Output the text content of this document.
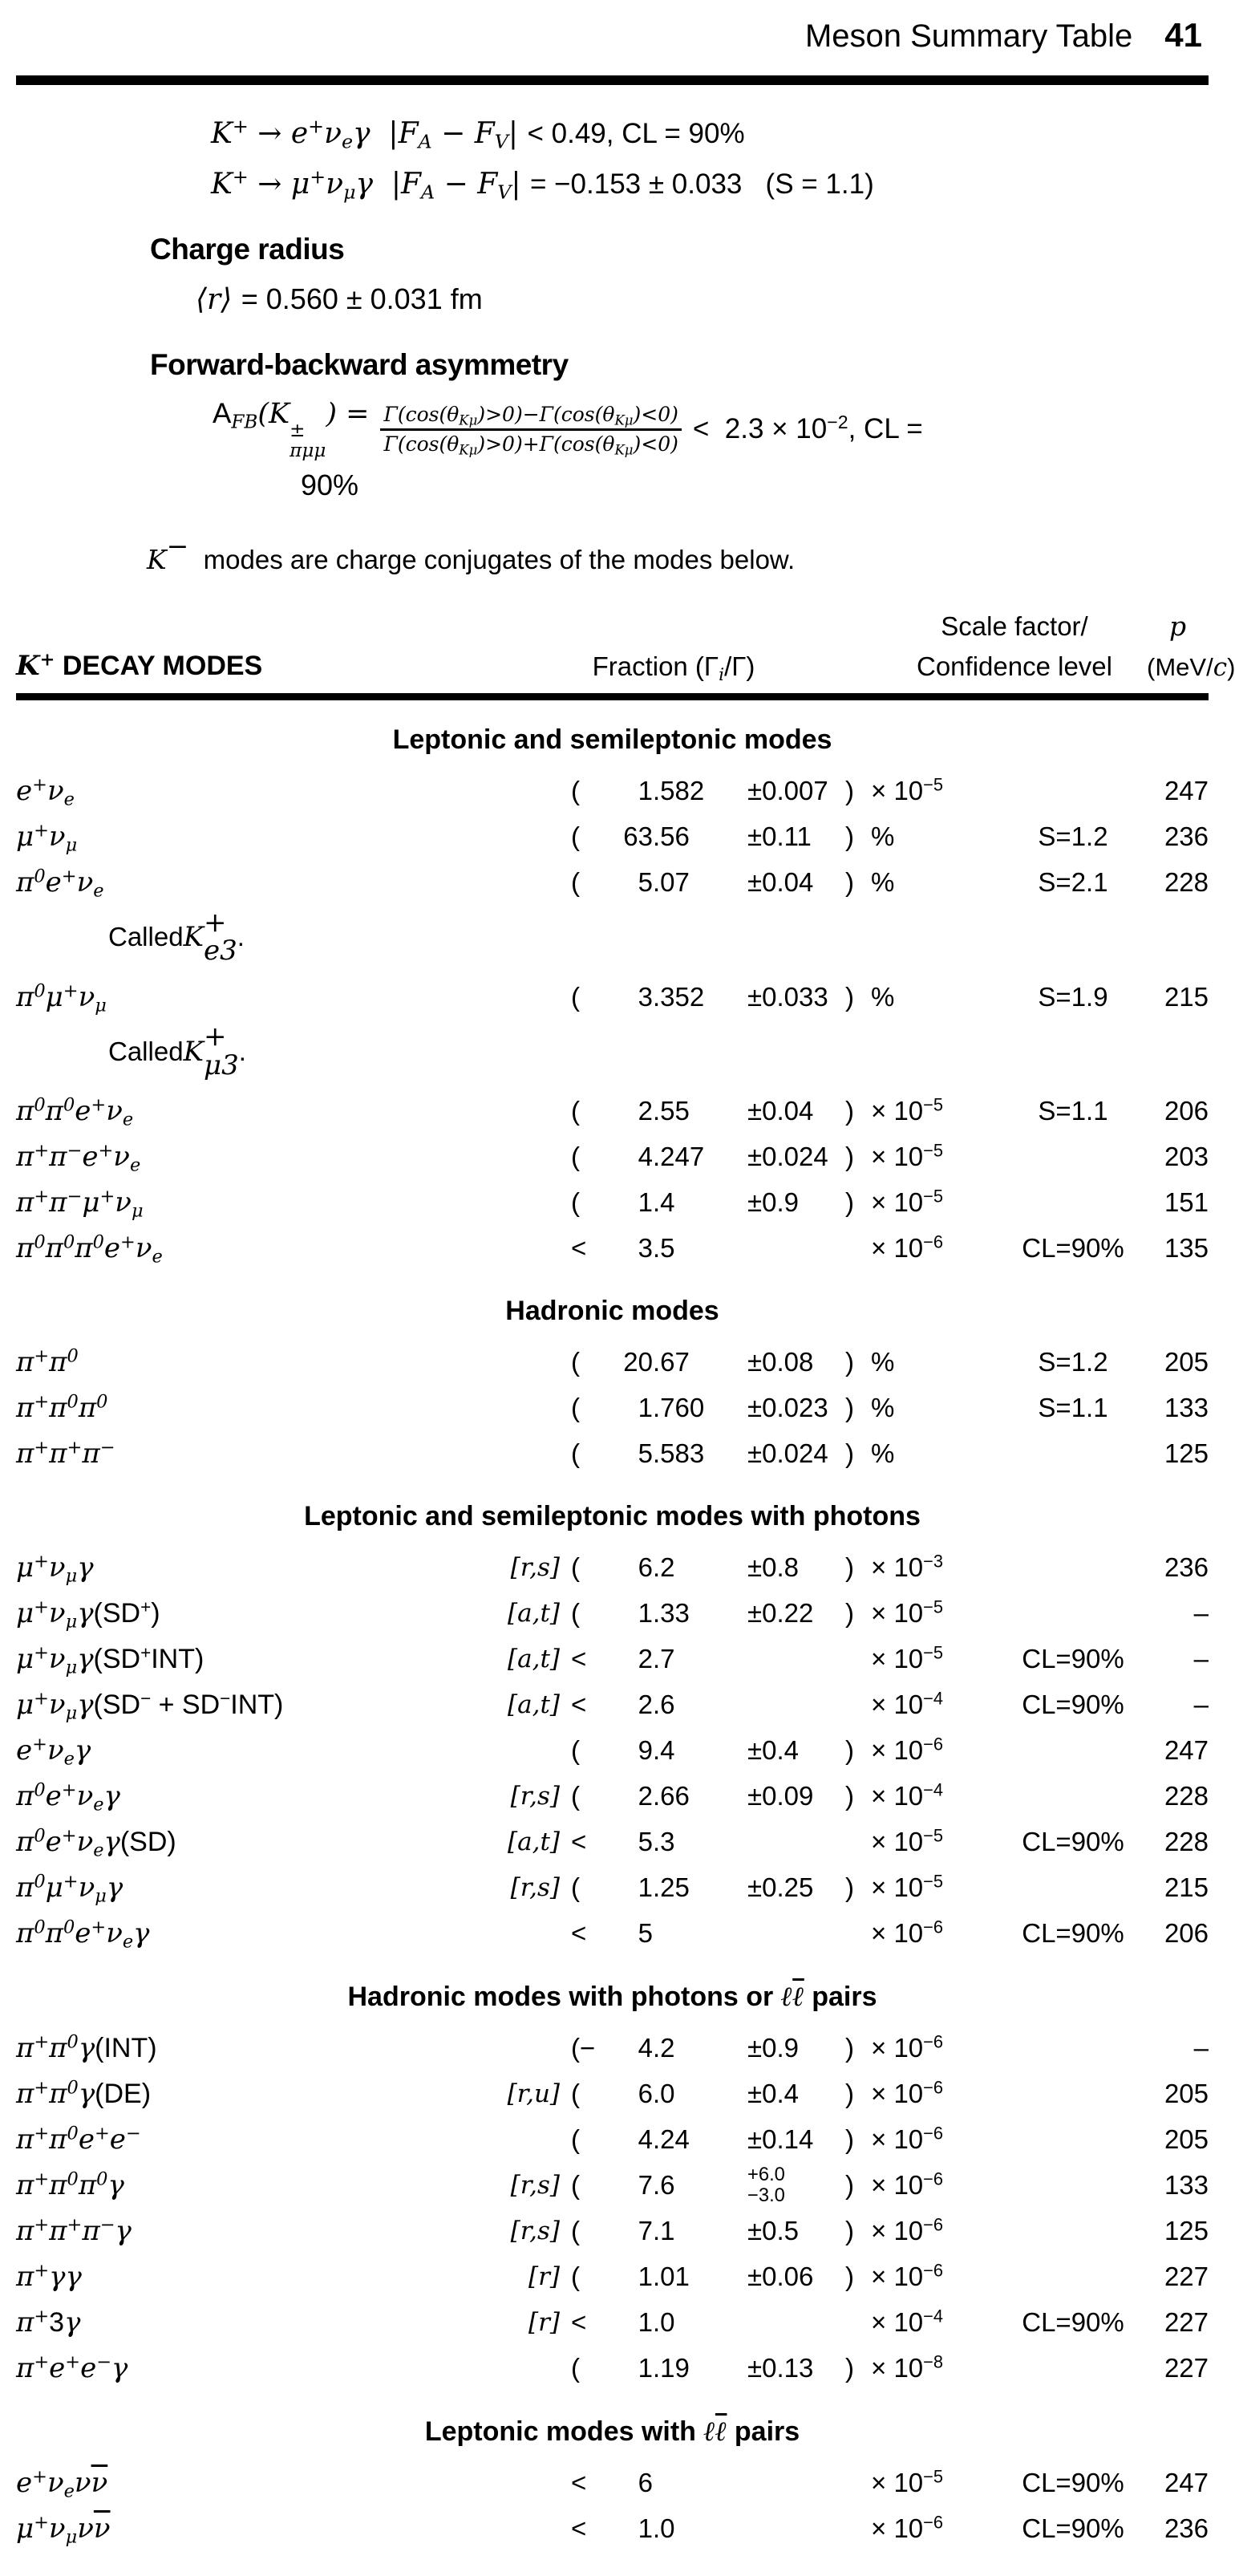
Meson Summary Table 41
$K^+ \to e^+\nu_e\gamma$  $|F_A - F_V| < 0.49$, CL = 90%
$K^+ \to \mu^+\nu_\mu\gamma$  $|F_A - F_V| = -0.153 \pm 0.033$   (S = 1.1)
Charge radius
⟨r⟩ = 0.560 ± 0.031 fm
Forward-backward asymmetry
$A_{FB}(K$
±
πμμ
) = $\frac{\Gamma(\cos(\theta_{K\mu})>0)-\Gamma(\cos(\theta_{K\mu})<0)}{\Gamma(\cos(\theta_{K\mu})>0)+\Gamma(\cos(\theta_{K\mu})<0)} < 2.3 \times 10^{-2}$, CL =
90%
K−  modes are charge conjugates of the modes below.
Scale factor/	p
K+ DECAY MODES	Fraction $(\Gamma_i/\Gamma)$	Confidence level	(MeV/c)
Leptonic and semileptonic modes
$e^+\nu_e$	(	1 .582	±0.007 ) × $10^{-5}$	247
$\mu^+\nu_\mu$	(	63 .56	±0.11	) %	S=1.2	236
$\pi^0e^+\nu_e$	(	5 .07	±0.04	) %	S=2.1	228
Called K +
e3 .
$\pi^0\mu^+\nu_\mu$	(	3 .352	±0.033 ) %	S=1.9	215
Called K +
μ3 .
$\pi^0\pi^0e^+\nu_e$	(	2 .55	±0.04	) × $10^{-5}$	S=1.1	206
$\pi^+\pi^-e^+\nu_e$	(	4 .247	±0.024 ) × $10^{-5}$	203
$\pi^+\pi^-\mu^+\nu_\mu$	(	1 .4	±0.9	) × $10^{-5}$	151
$\pi^0\pi^0\pi^0e^+\nu_e$	<	3 .5	× $10^{-6}$	CL=90%	135
Hadronic modes
$\pi^+\pi^0$	(	20 .67	±0.08	) %	S=1.2	205
$\pi^+\pi^0\pi^0$	(	1 .760	±0.023 ) %	S=1.1	133
π+π+π−	(	5 .583	±0.024 ) %	125
Leptonic and semileptonic modes with photons
$\mu^+\nu_\mu\gamma$	[r,s] (	6 .2	±0.8	) × $10^{-3}$	236
$\mu^+\nu_\mu\gamma(SD^+)$	[a,t] (	1 .33	±0.22	) × $10^{-5}$	–
$\mu^+\nu_\mu\gamma(SD^+INT)$	[a,t] <	2 .7	× $10^{-5}$	CL=90%	–
$\mu^+\nu_\mu\gamma(SD^- + SD^-INT)$	[a,t] <	2 .6	× $10^{-4}$	CL=90%	–
$e^+\nu_e\gamma$	(	9 .4	±0.4	) × $10^{-6}$	247
$\pi^0e^+\nu_e\gamma$	[r,s] (	2 .66	±0.09	) × $10^{-4}$	228
$\pi^0e^+\nu_e\gamma(SD)$	[a,t] <	5 .3	× $10^{-5}$	CL=90%	228
$\pi^0\mu^+\nu_\mu\gamma$	[r,s] (	1 .25	±0.25	) × $10^{-5}$	215
$\pi^0\pi^0e^+\nu_e\gamma$	<	5	× $10^{-6}$	CL=90%	206
Hadronic modes with photons or ℓℓ pairs
$\pi^+\pi^0\gamma(INT)$	(−	4 .2	±0.9	) × $10^{-6}$	–
$\pi^+\pi^0\gamma(DE)$	[r,u] (	6 .0	±0.4	) × $10^{-6}$	205
$\pi^+\pi^0e^+e^-$	(	4 .24	±0.14	) × $10^{-6}$	205
$\pi^+\pi^0\pi^0\gamma$	[r,s] (	7 .6	+6.0
−3.0 ) × $10^{-6}$	133
π+π+π−γ	[r,s] (	7 .1	±0.5	) × $10^{-6}$	125
π+γγ	[r] (	1 .01	±0.06	) × $10^{-6}$	227
π+3γ	[r] <	1 .0	× $10^{-4}$	CL=90%	227
π+e+e−γ	(	1 .19	±0.13	) × $10^{-8}$	227
Leptonic modes with ℓℓ pairs
$e^+\nu_e\nu\overline{\nu}$	<	6	× $10^{-5}$	CL=90%	247
$\mu^+\nu_\mu\nu\overline{\nu}$	<	1 .0	× $10^{-6}$	CL=90%	236
